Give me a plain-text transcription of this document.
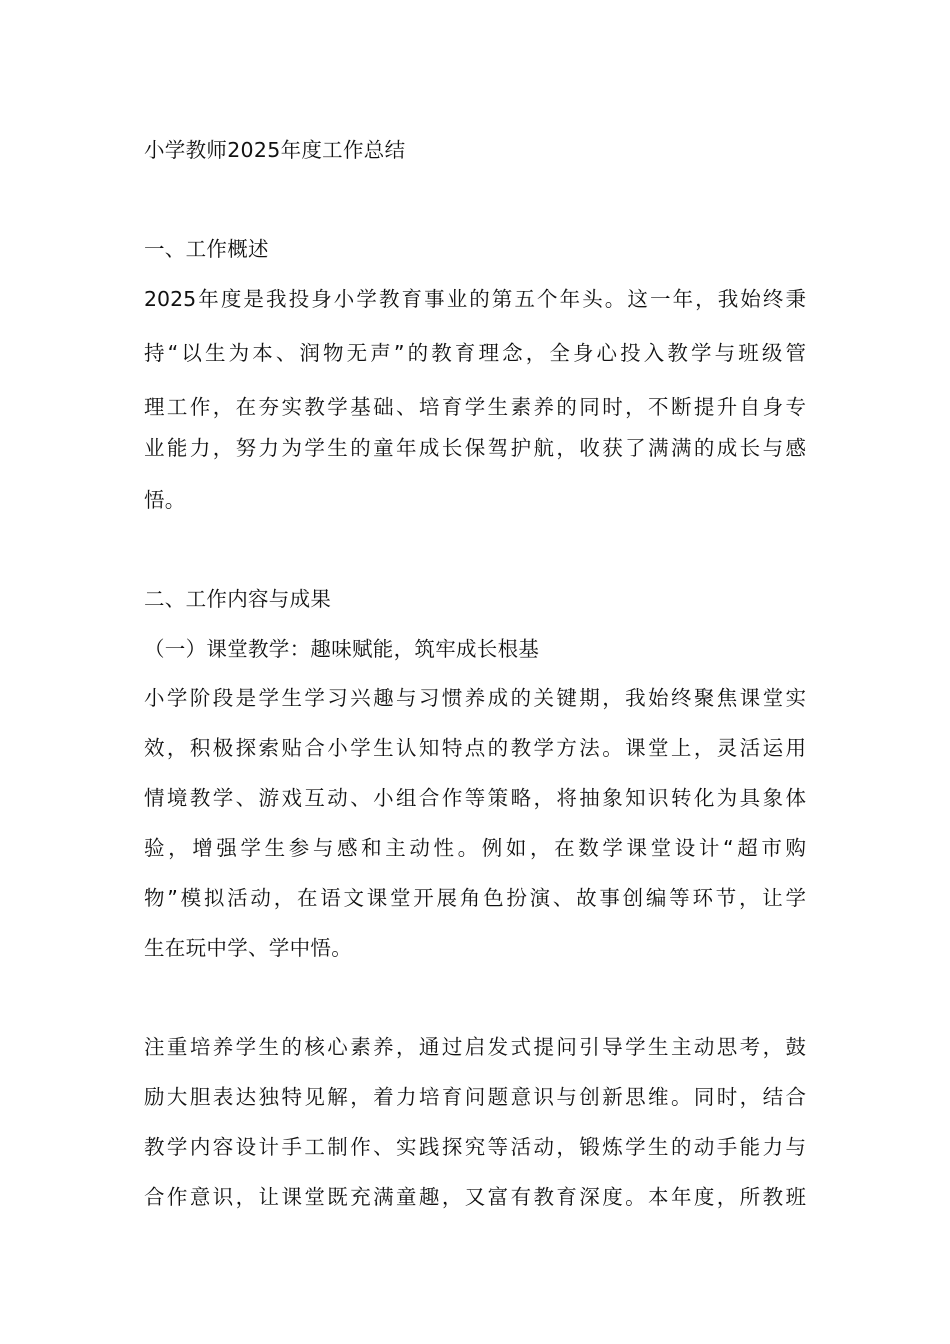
小学教师2025年度工作总结
一、工作概述
2025年度是我投身小学教育事业的第五个年头。这一年，我始终秉
持“以生为本、润物无声”的教育理念，全身心投入教学与班级管
理工作，在夯实教学基础、培育学生素养的同时，不断提升自身专
业能力，努力为学生的童年成长保驾护航，收获了满满的成长与感
悟。
二、工作内容与成果
（一）课堂教学：趣味赋能，筑牢成长根基
小学阶段是学生学习兴趣与习惯养成的关键期，我始终聚焦课堂实
效，积极探索贴合小学生认知特点的教学方法。课堂上，灵活运用
情境教学、游戏互动、小组合作等策略，将抽象知识转化为具象体
验，增强学生参与感和主动性。例如，在数学课堂设计“超市购
物”模拟活动，在语文课堂开展角色扮演、故事创编等环节，让学
生在玩中学、学中悟。
注重培养学生的核心素养，通过启发式提问引导学生主动思考，鼓
励大胆表达独特见解，着力培育问题意识与创新思维。同时，结合
教学内容设计手工制作、实践探究等活动，锻炼学生的动手能力与
合作意识，让课堂既充满童趣，又富有教育深度。本年度，所教班
